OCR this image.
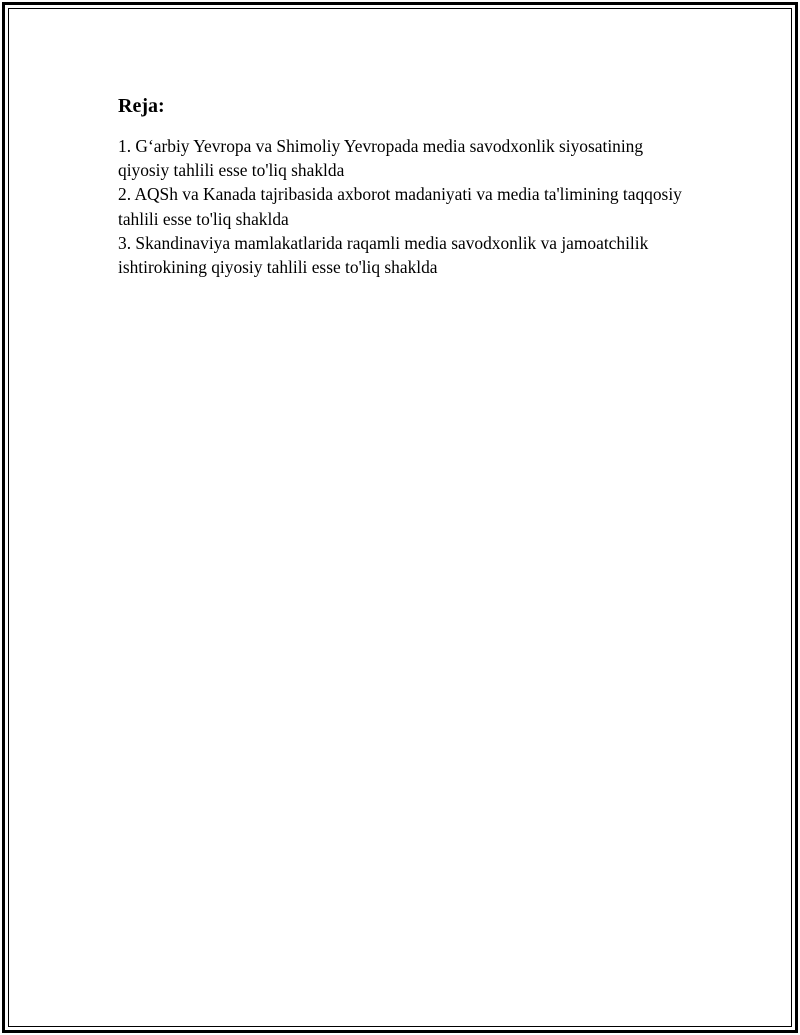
Reja:
1. G‘arbiy Yevropa va Shimoliy Yevropada media savodxonlik siyosatining qiyosiy tahlili esse to'liq shaklda
2. AQSh va Kanada tajribasida axborot madaniyati va media ta'limining taqqosiy tahlili esse to'liq shaklda
3. Skandinaviya mamlakatlarida raqamli media savodxonlik va jamoatchilik ishtirokining qiyosiy tahlili esse to'liq shaklda
